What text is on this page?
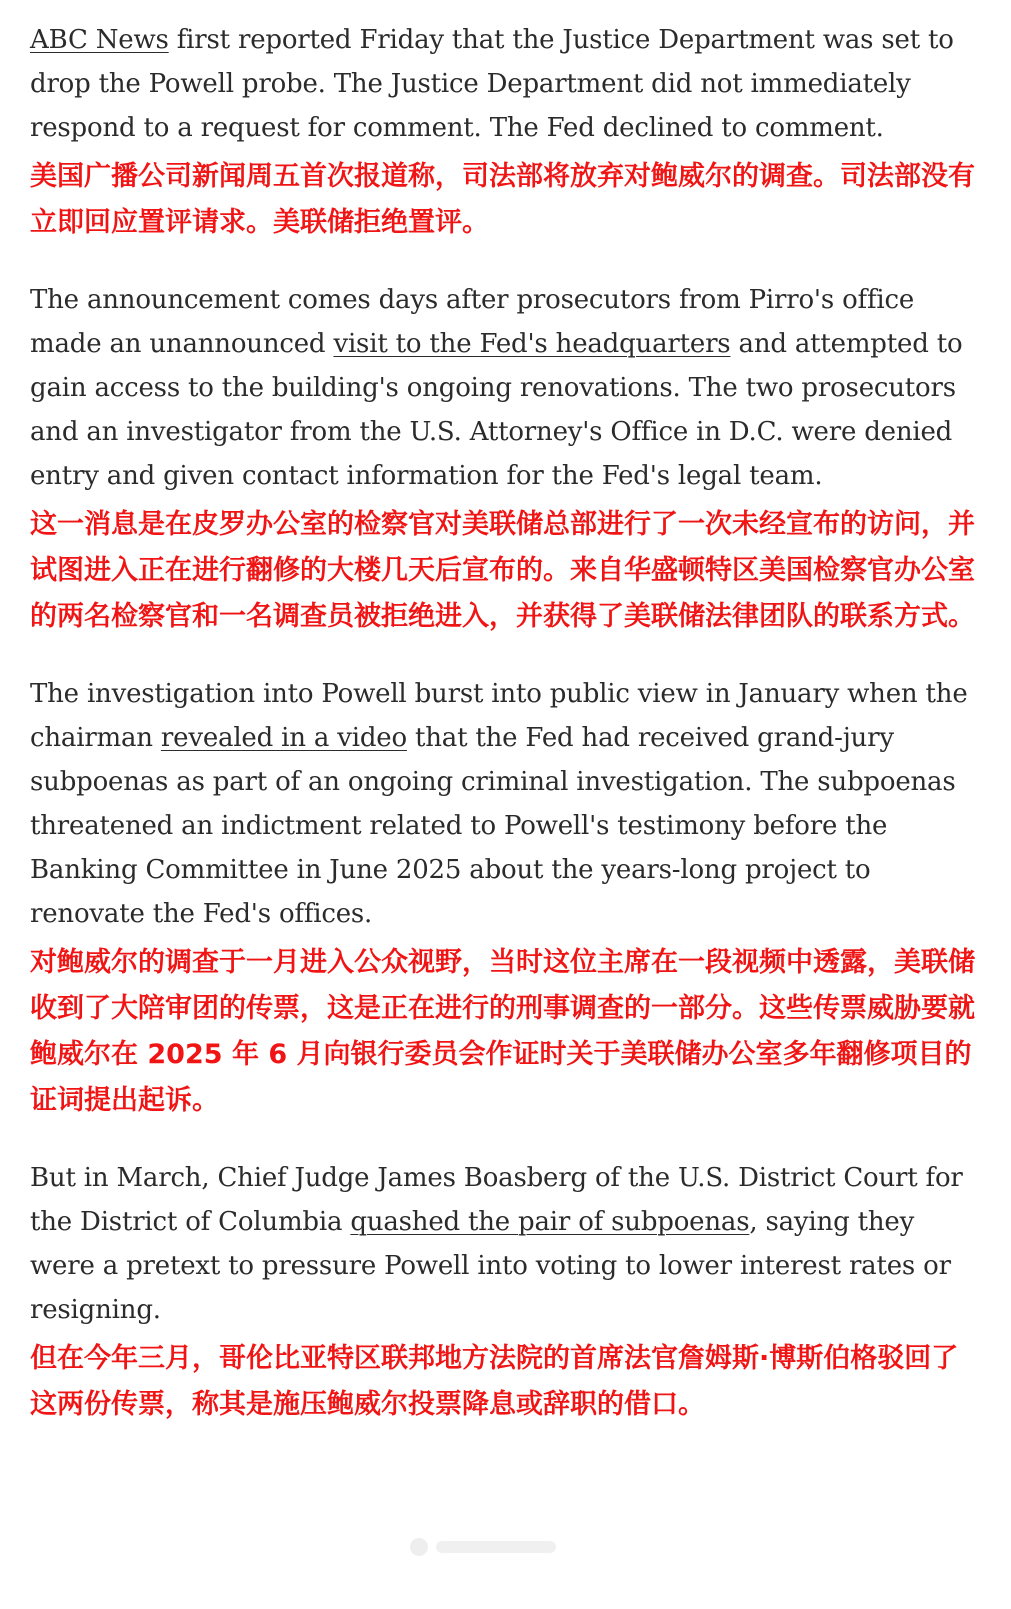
ABC News first reported Friday that the Justice Department was set to drop the Powell probe. The Justice Department did not immediately respond to a request for comment. The Fed declined to comment.

美国广播公司新闻周五首次报道称，司法部将放弃对鲍威尔的调查。司法部没有立即回应置评请求。美联储拒绝置评。

The announcement comes days after prosecutors from Pirro's office made an unannounced visit to the Fed's headquarters and attempted to gain access to the building's ongoing renovations. The two prosecutors and an investigator from the U.S. Attorney's Office in D.C. were denied entry and given contact information for the Fed's legal team.

这一消息是在皮罗办公室的检察官对美联储总部进行了一次未经宣布的访问，并试图进入正在进行翻修的大楼几天后宣布的。来自华盛顿特区美国检察官办公室的两名检察官和一名调查员被拒绝进入，并获得了美联储法律团队的联系方式。

The investigation into Powell burst into public view in January when the chairman revealed in a video that the Fed had received grand-jury subpoenas as part of an ongoing criminal investigation. The subpoenas threatened an indictment related to Powell's testimony before the Banking Committee in June 2025 about the years-long project to renovate the Fed's offices.

对鲍威尔的调查于一月进入公众视野，当时这位主席在一段视频中透露，美联储收到了大陪审团的传票，这是正在进行的刑事调查的一部分。这些传票威胁要就鲍威尔在 2025 年 6 月向银行委员会作证时关于美联储办公室多年翻修项目的证词提出起诉。

But in March, Chief Judge James Boasberg of the U.S. District Court for the District of Columbia quashed the pair of subpoenas, saying they were a pretext to pressure Powell into voting to lower interest rates or resigning.

但在今年三月，哥伦比亚特区联邦地方法院的首席法官詹姆斯·博斯伯格驳回了这两份传票，称其是施压鲍威尔投票降息或辞职的借口。
